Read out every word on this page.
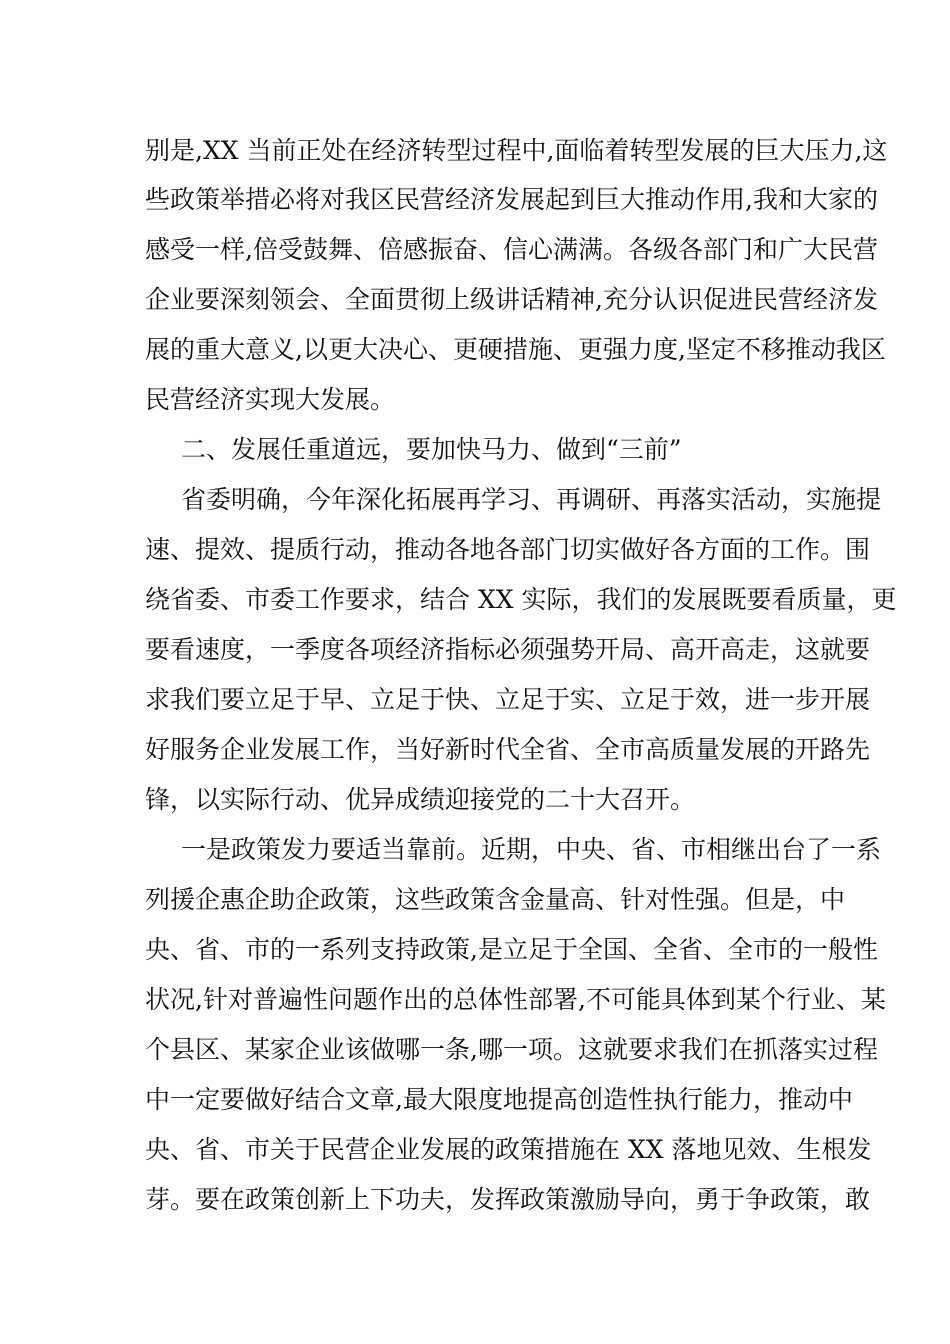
别是,XX 当前正处在经济转型过程中,面临着转型发展的巨大压力,这
些政策举措必将对我区民营经济发展起到巨大推动作用,我和大家的
感受一样,倍受鼓舞、倍感振奋、信心满满。各级各部门和广大民营
企业要深刻领会、全面贯彻上级讲话精神,充分认识促进民营经济发
展的重大意义,以更大决心、更硬措施、更强力度,坚定不移推动我区
民营经济实现大发展。
二、发展任重道远，要加快马力、做到“三前”
省委明确，今年深化拓展再学习、再调研、再落实活动，实施提
速、提效、提质行动，推动各地各部门切实做好各方面的工作。围
绕省委、市委工作要求，结合 XX 实际，我们的发展既要看质量，更
要看速度，一季度各项经济指标必须强势开局、高开高走，这就要
求我们要立足于早、立足于快、立足于实、立足于效，进一步开展
好服务企业发展工作，当好新时代全省、全市高质量发展的开路先
锋，以实际行动、优异成绩迎接党的二十大召开。
一是政策发力要适当靠前。近期，中央、省、市相继出台了一系
列援企惠企助企政策，这些政策含金量高、针对性强。但是，中
央、省、市的一系列支持政策,是立足于全国、全省、全市的一般性
状况,针对普遍性问题作出的总体性部署,不可能具体到某个行业、某
个县区、某家企业该做哪一条,哪一项。这就要求我们在抓落实过程
中一定要做好结合文章,最大限度地提高创造性执行能力，推动中
央、省、市关于民营企业发展的政策措施在 XX 落地见效、生根发
芽。要在政策创新上下功夫，发挥政策激励导向，勇于争政策，敢
